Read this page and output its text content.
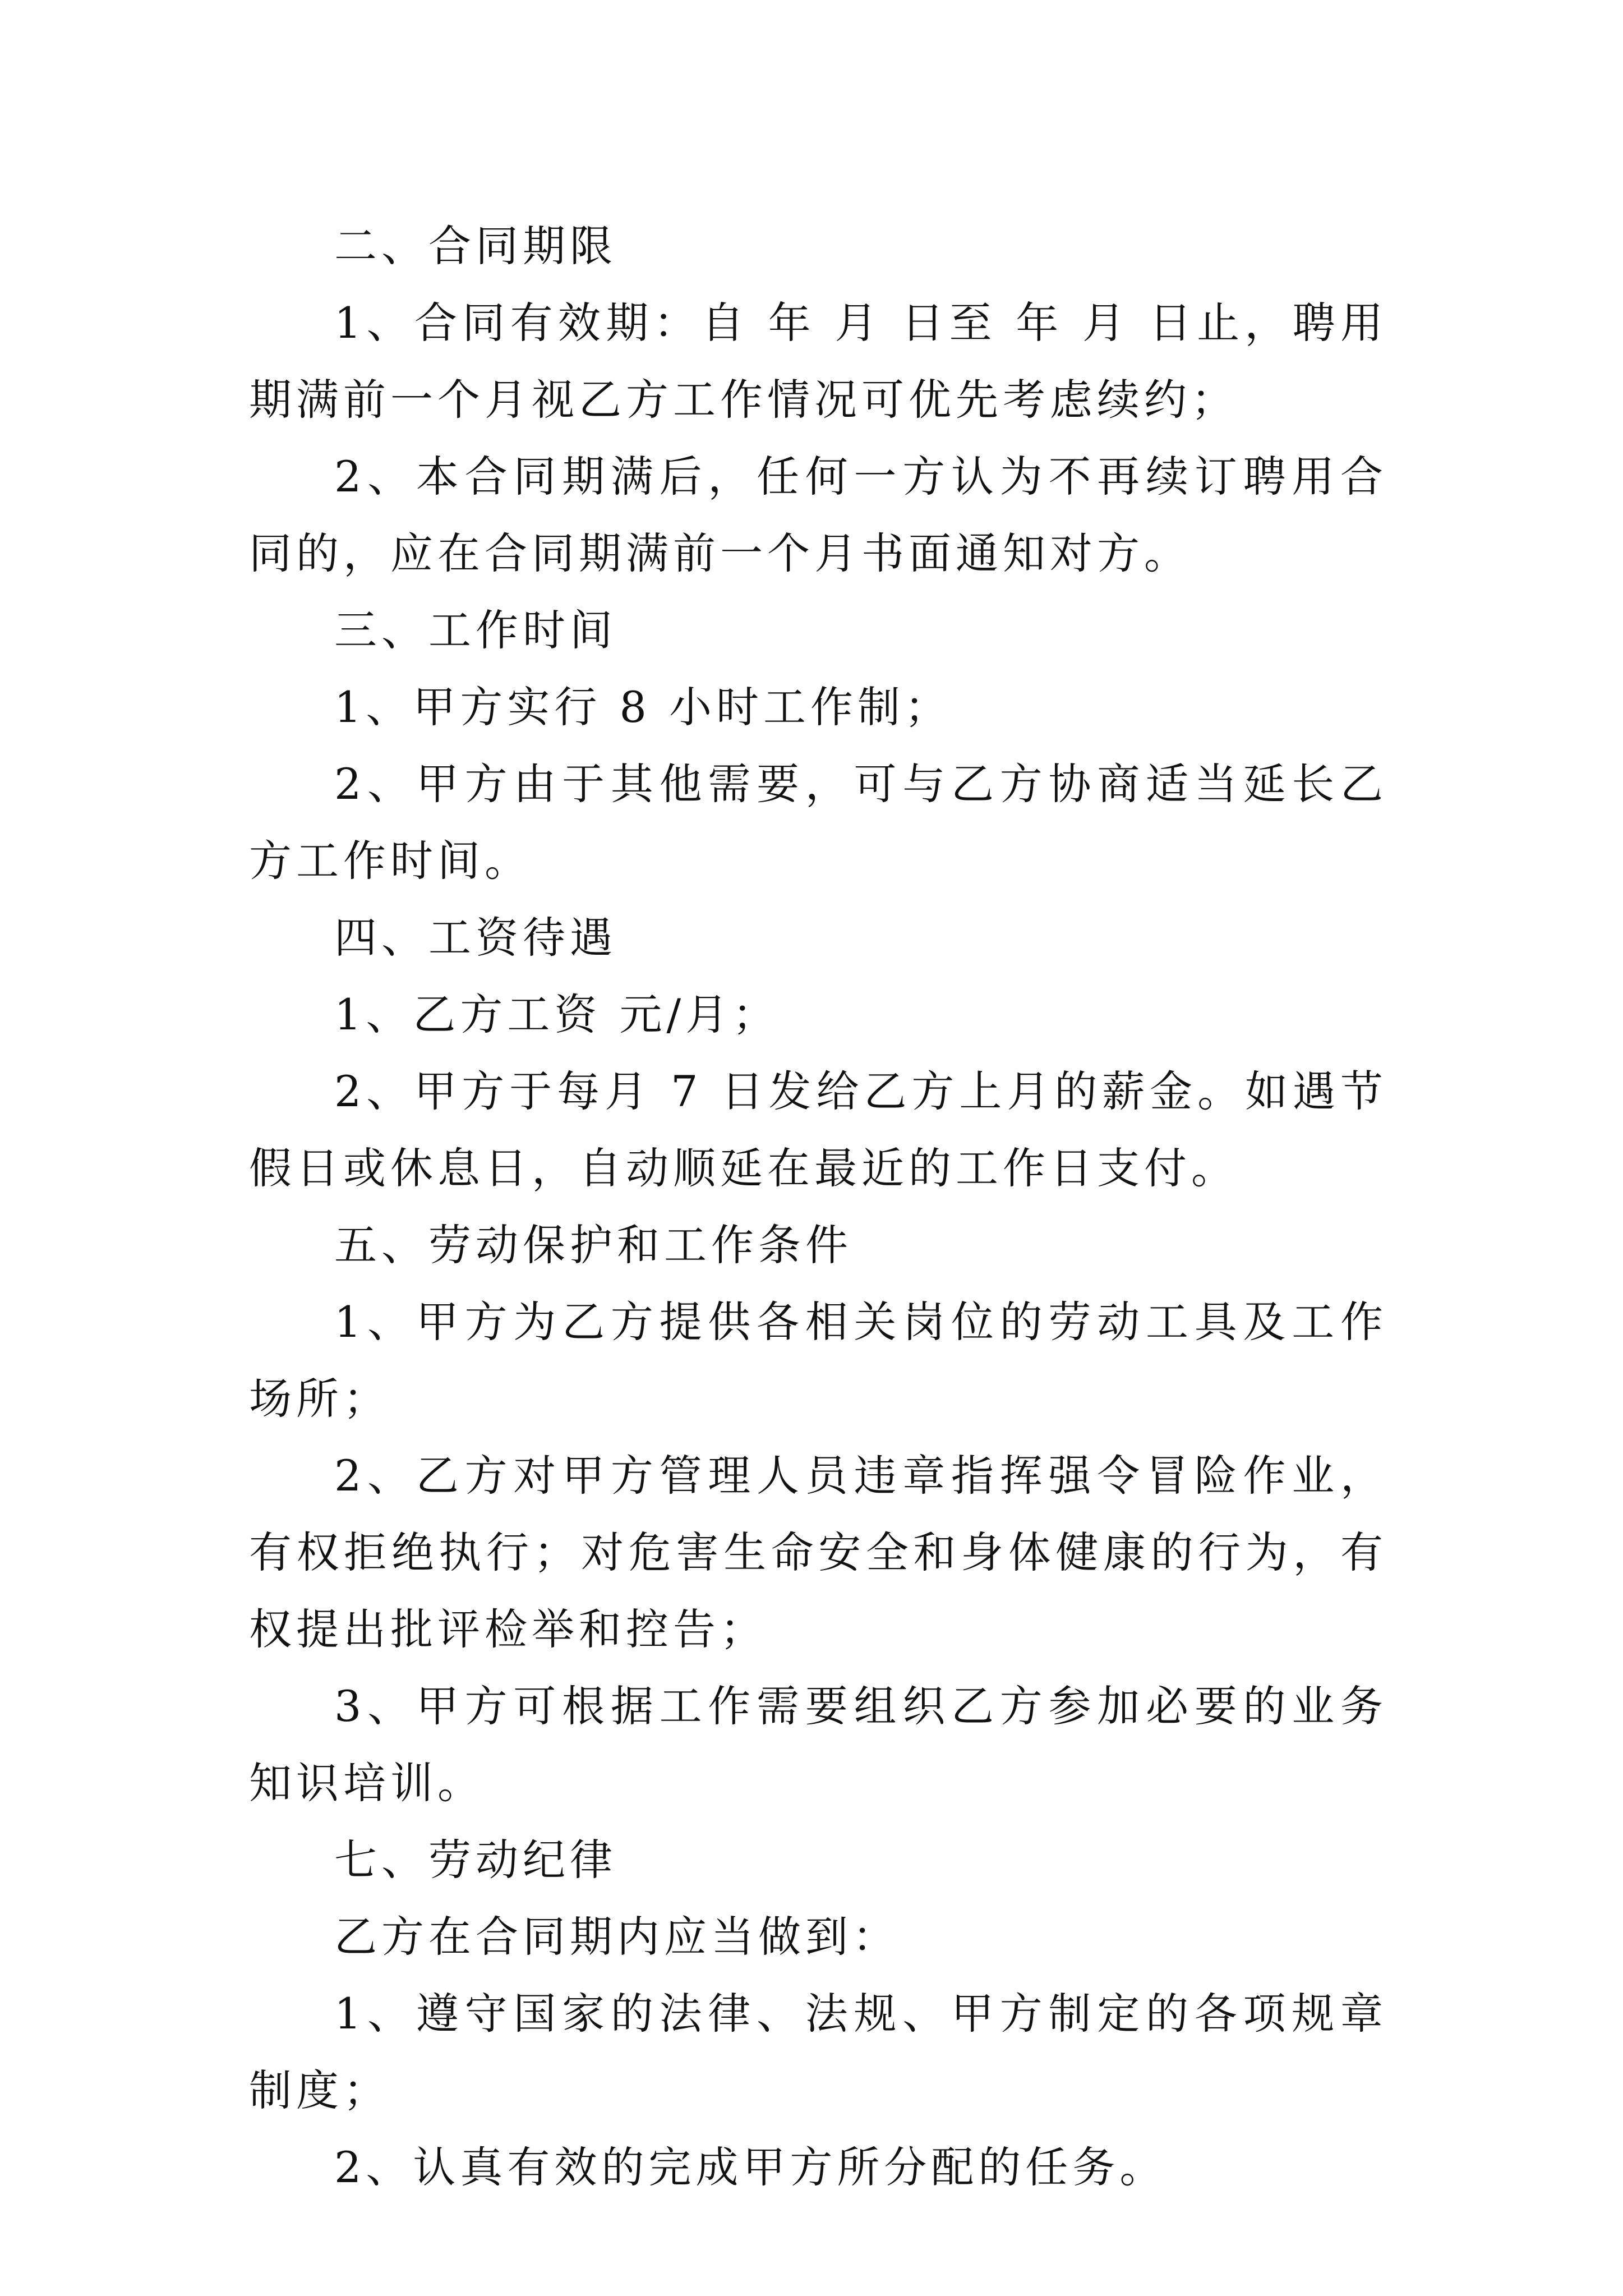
二、合同期限

1、合同有效期：自 年 月 日至 年 月 日止，聘用期满前一个月视乙方工作情况可优先考虑续约；

2、本合同期满后，任何一方认为不再续订聘用合同的，应在合同期满前一个月书面通知对方。

三、工作时间

1、甲方实行 8 小时工作制；

2、甲方由于其他需要，可与乙方协商适当延长乙方工作时间。

四、工资待遇

1、乙方工资 元/月；

2、甲方于每月 7 日发给乙方上月的薪金。如遇节假日或休息日，自动顺延在最近的工作日支付。

五、劳动保护和工作条件

1、甲方为乙方提供各相关岗位的劳动工具及工作场所；

2、乙方对甲方管理人员违章指挥强令冒险作业，有权拒绝执行；对危害生命安全和身体健康的行为，有权提出批评检举和控告；

3、甲方可根据工作需要组织乙方参加必要的业务知识培训。

七、劳动纪律

乙方在合同期内应当做到：

1、遵守国家的法律、法规、甲方制定的各项规章制度；

2、认真有效的完成甲方所分配的任务。
